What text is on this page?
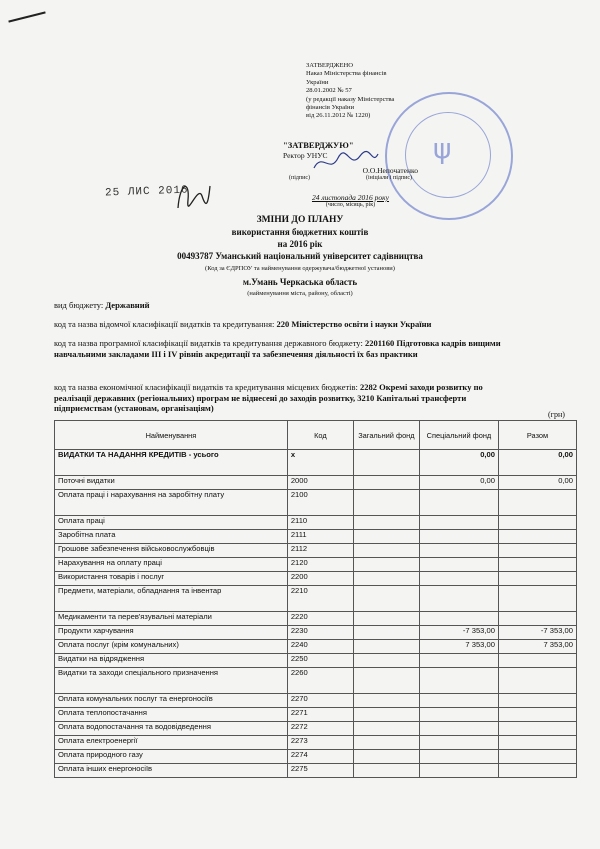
ЗАТВЕРДЖЕНО
Наказ Міністерства фінансів
України
28.01.2002 № 57
(у редакції наказу Міністерства
фінансів України
від 26.11.2012 № 1220)
ψ
"ЗАТВЕРДЖУЮ"
Ректор УНУС
О.О.Непочатенко
(підпис)	(ініціали і підпис)
24 листопада 2016 року
(число, місяць, рік)
25 ЛИС 2016
ЗМІНИ ДО ПЛАНУ
використання бюджетних коштів
на 2016 рік
00493787 Уманський національний університет садівництва
(Код за ЄДРПОУ та найменування одержувача/бюджетної установи)
м.Умань Черкаська область
(найменування міста, району, області)
вид бюджету: Державний
код та назва відомчої класифікації видатків та кредитування: 220 Міністерство освіти і науки України
код та назва програмної класифікації видатків та кредитування державного бюджету: 2201160 Підготовка кадрів вищими навчальними закладами ІІІ і IV рівнів акредитації та забезпечення діяльності їх баз практики
код та назва економічної класифікації видатків та кредитування місцевих бюджетів: 2282 Окремі заходи розвитку по реалізації державних (регіональних) програм не віднесені до заходів розвитку, 3210 Капітальні трансферти підприємствам (установам, організаціям)
(грн)
Найменування	Код	Загальний фонд	Спеціальний фонд	Разом
ВИДАТКИ ТА НАДАННЯ КРЕДИТІВ - усього	x		0,00	0,00
Поточні видатки	2000		0,00	0,00
Оплата праці і нарахування на заробітну плату	2100			
Оплата праці	2110			
Заробітна плата	2111			
Грошове забезпечення військовослужбовців	2112			
Нарахування на оплату праці	2120			
Використання товарів і послуг	2200			
Предмети, матеріали, обладнання та інвентар	2210			
Медикаменти та перев'язувальні матеріали	2220			
Продукти харчування	2230		-7 353,00	-7 353,00
Оплата послуг (крім комунальних)	2240		7 353,00	7 353,00
Видатки на відрядження	2250			
Видатки та заходи спеціального призначення	2260			
Оплата комунальних послуг та енергоносіїв	2270			
Оплата теплопостачання	2271			
Оплата водопостачання та водовідведення	2272			
Оплата електроенергії	2273			
Оплата природного газу	2274			
Оплата інших енергоносіїв	2275			
